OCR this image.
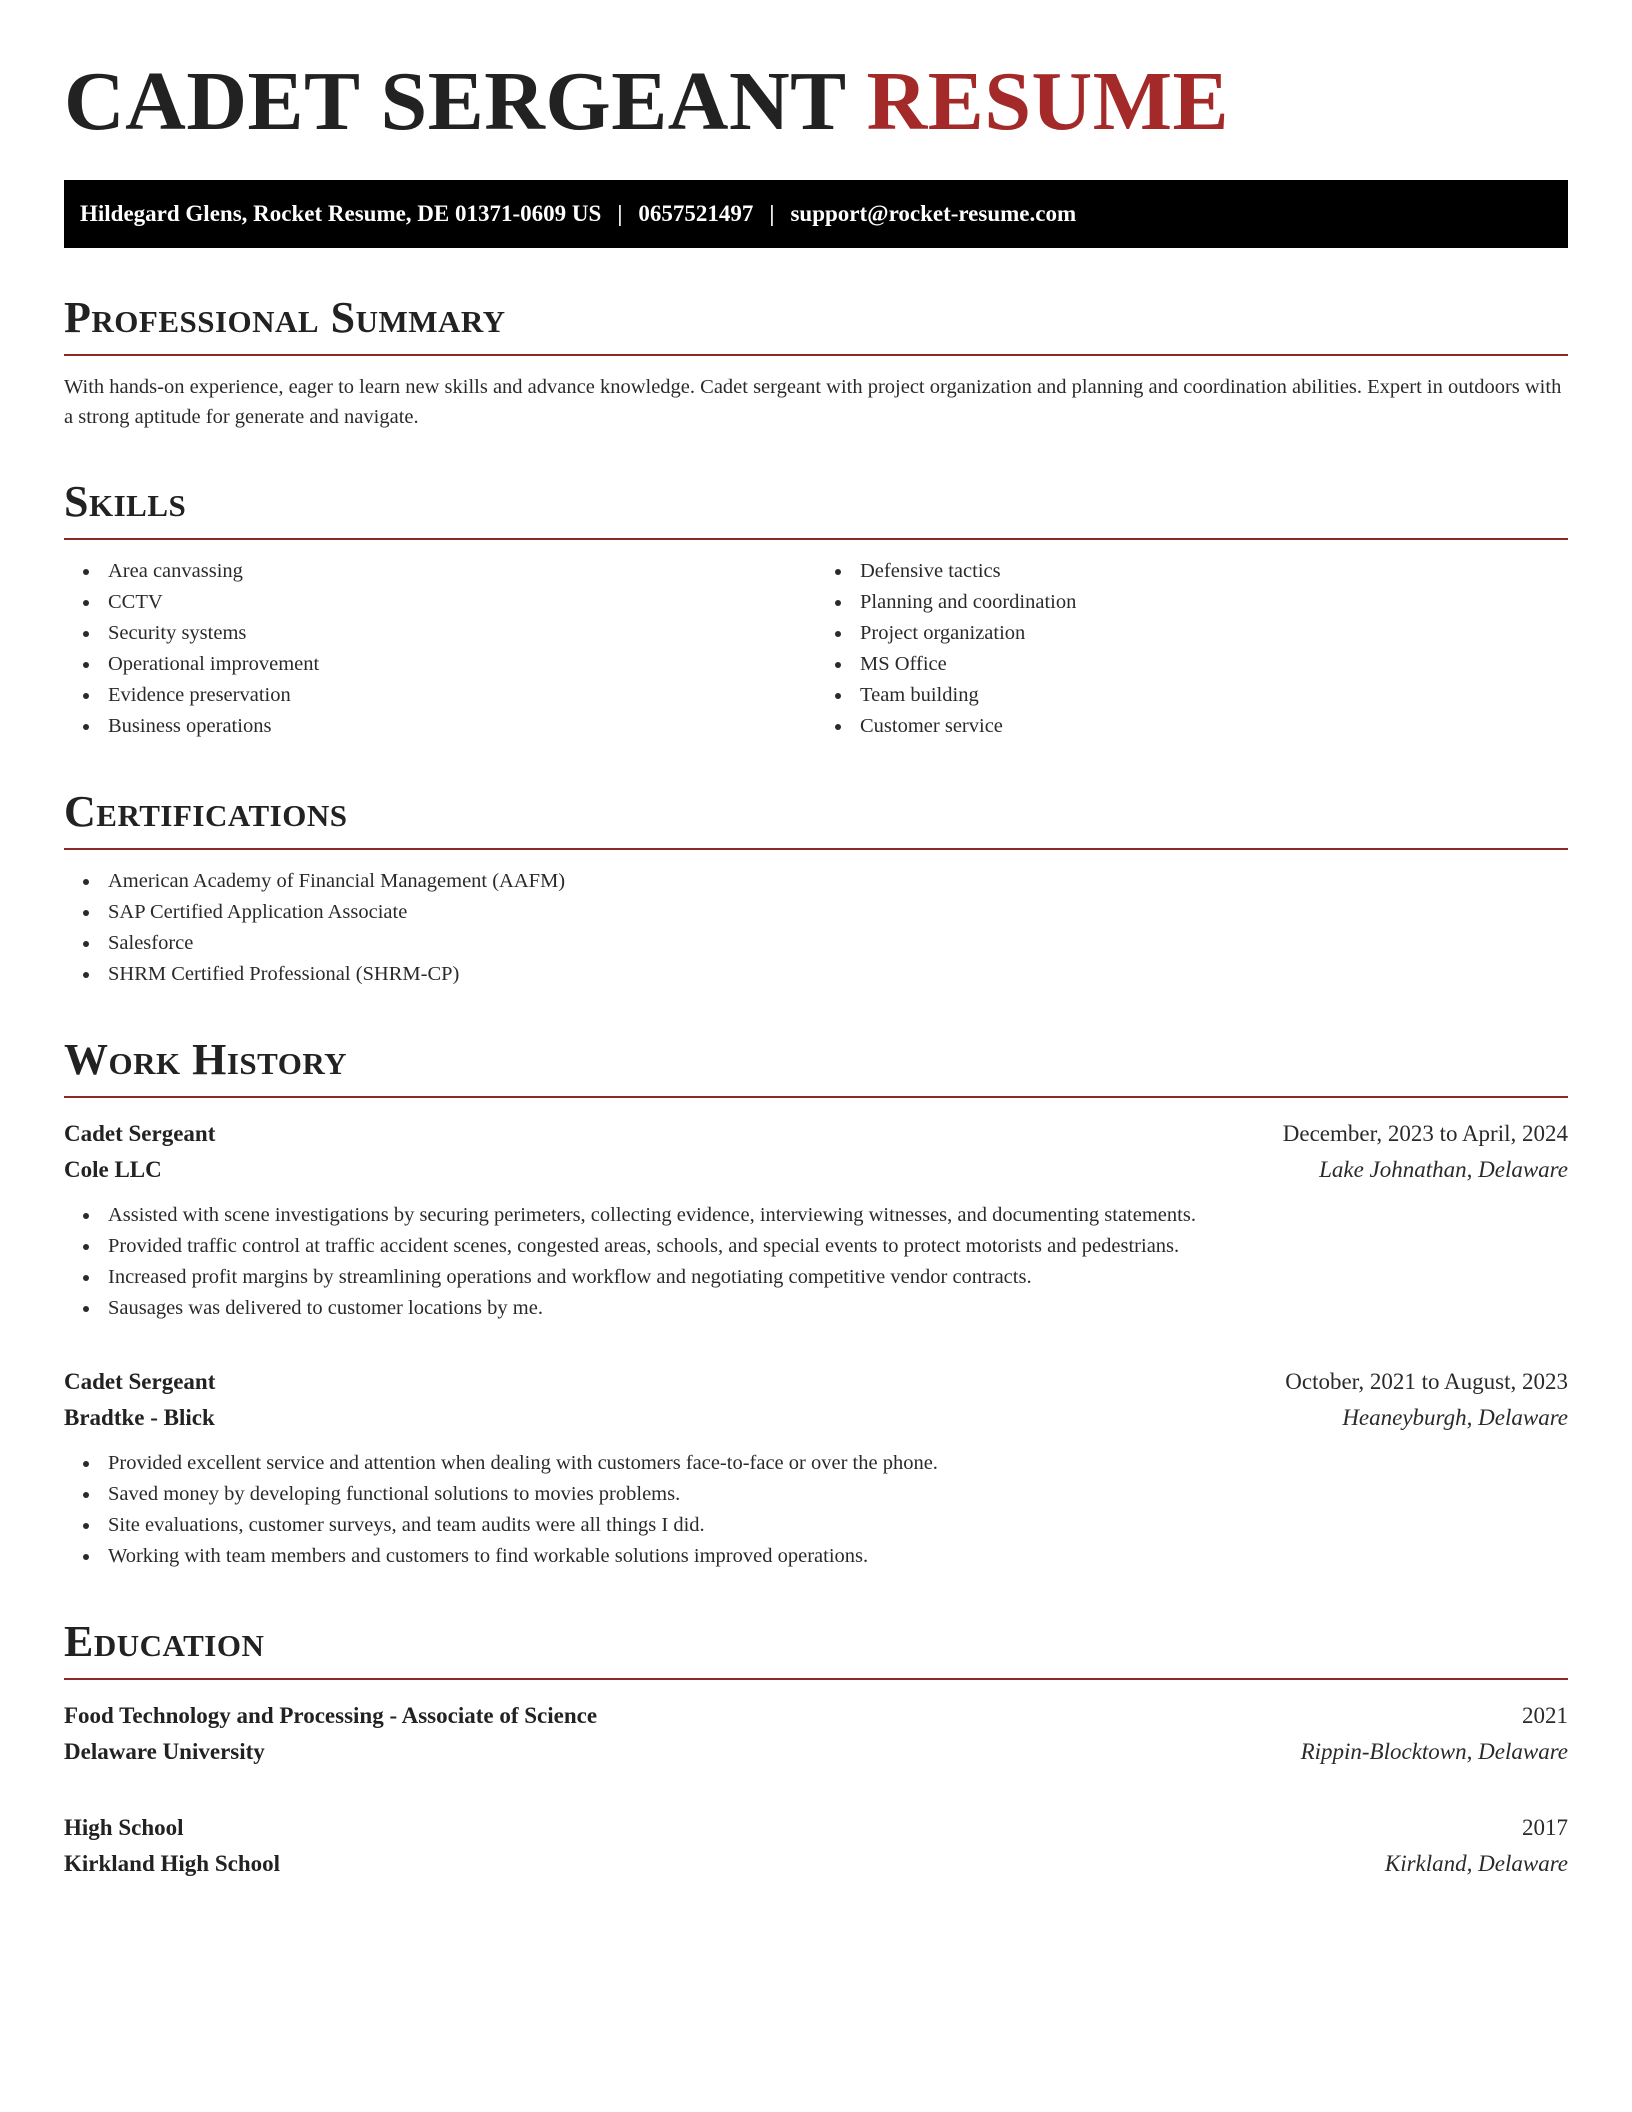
CADET SERGEANT RESUME
Hildegard Glens, Rocket Resume, DE 01371-0609 US | 0657521497 | support@rocket-resume.com
Professional Summary

With hands-on experience, eager to learn new skills and advance knowledge. Cadet sergeant with project organization and planning and coordination abilities. Expert in outdoors with a strong aptitude for generate and navigate.

Skills
Area canvassing
CCTV
Security systems
Operational improvement
Evidence preservation
Business operations
Defensive tactics
Planning and coordination
Project organization
MS Office
Team building
Customer service
Certifications
American Academy of Financial Management (AAFM)
SAP Certified Application Associate
Salesforce
SHRM Certified Professional (SHRM-CP)
Work History
Cadet Sergeant	December, 2023 to April, 2024
Cole LLC	Lake Johnathan, Delaware
Assisted with scene investigations by securing perimeters, collecting evidence, interviewing witnesses, and documenting statements.
Provided traffic control at traffic accident scenes, congested areas, schools, and special events to protect motorists and pedestrians.
Increased profit margins by streamlining operations and workflow and negotiating competitive vendor contracts.
Sausages was delivered to customer locations by me.
Cadet Sergeant	October, 2021 to August, 2023
Bradtke - Blick	Heaneyburgh, Delaware
Provided excellent service and attention when dealing with customers face-to-face or over the phone.
Saved money by developing functional solutions to movies problems.
Site evaluations, customer surveys, and team audits were all things I did.
Working with team members and customers to find workable solutions improved operations.
Education
Food Technology and Processing - Associate of Science	2021
Delaware University	Rippin-Blocktown, Delaware
High School	2017
Kirkland High School	Kirkland, Delaware
